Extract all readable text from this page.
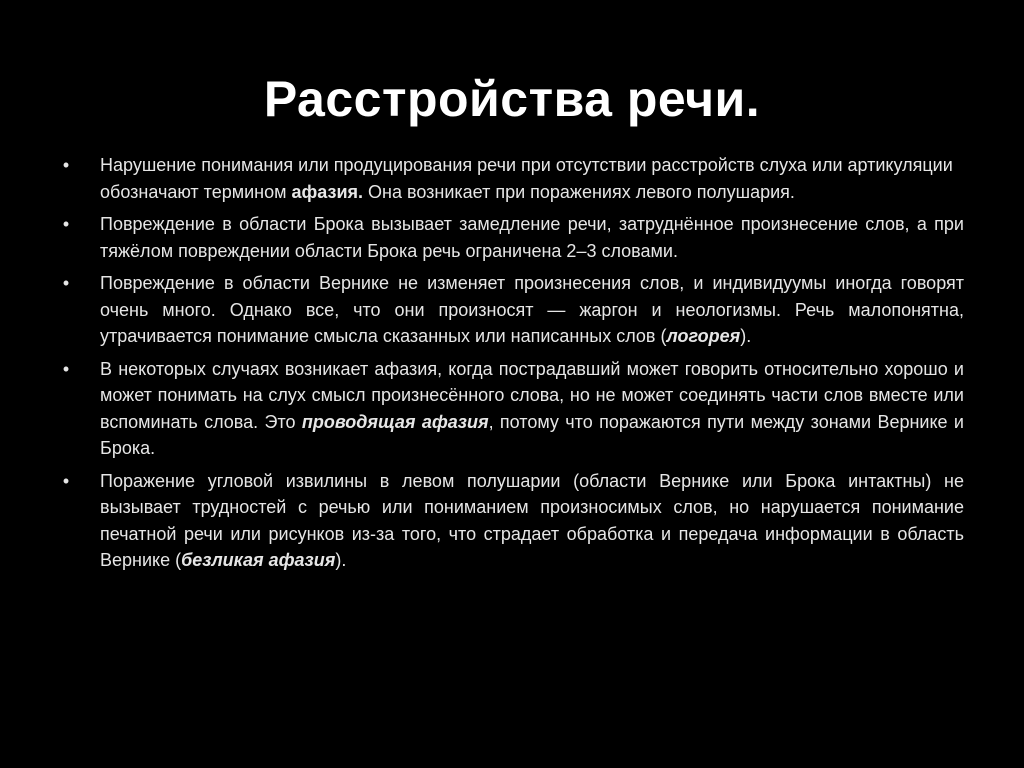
Расстройства речи.
• Нарушение понимания или продуцирования речи при отсутствии расстройств слуха или артикуляции обозначают термином афазия. Она возникает при поражениях левого полушария.
• Повреждение в области Брока вызывает замедление речи, затруднённое произнесение слов, а при тяжёлом повреждении области Брока речь ограничена 2–3 словами.
• Повреждение в области Вернике не изменяет произнесения слов, и индивидуумы иногда говорят очень много. Однако все, что они произносят — жаргон и неологизмы. Речь малопонятна, утрачивается понимание смысла сказанных или написанных слов (логорея).
• В некоторых случаях возникает афазия, когда пострадавший может говорить относительно хорошо и может понимать на слух смысл произнесённого слова, но не может соединять части слов вместе или вспоминать слова. Это проводящая афазия, потому что поражаются пути между зонами Вернике и Брока.
• Поражение угловой извилины в левом полушарии (области Вернике или Брока интактны) не вызывает трудностей с речью или пониманием произносимых слов, но нарушается понимание печатной речи или рисунков из-за того, что страдает обработка и передача информации в область Вернике (безликая афазия).
